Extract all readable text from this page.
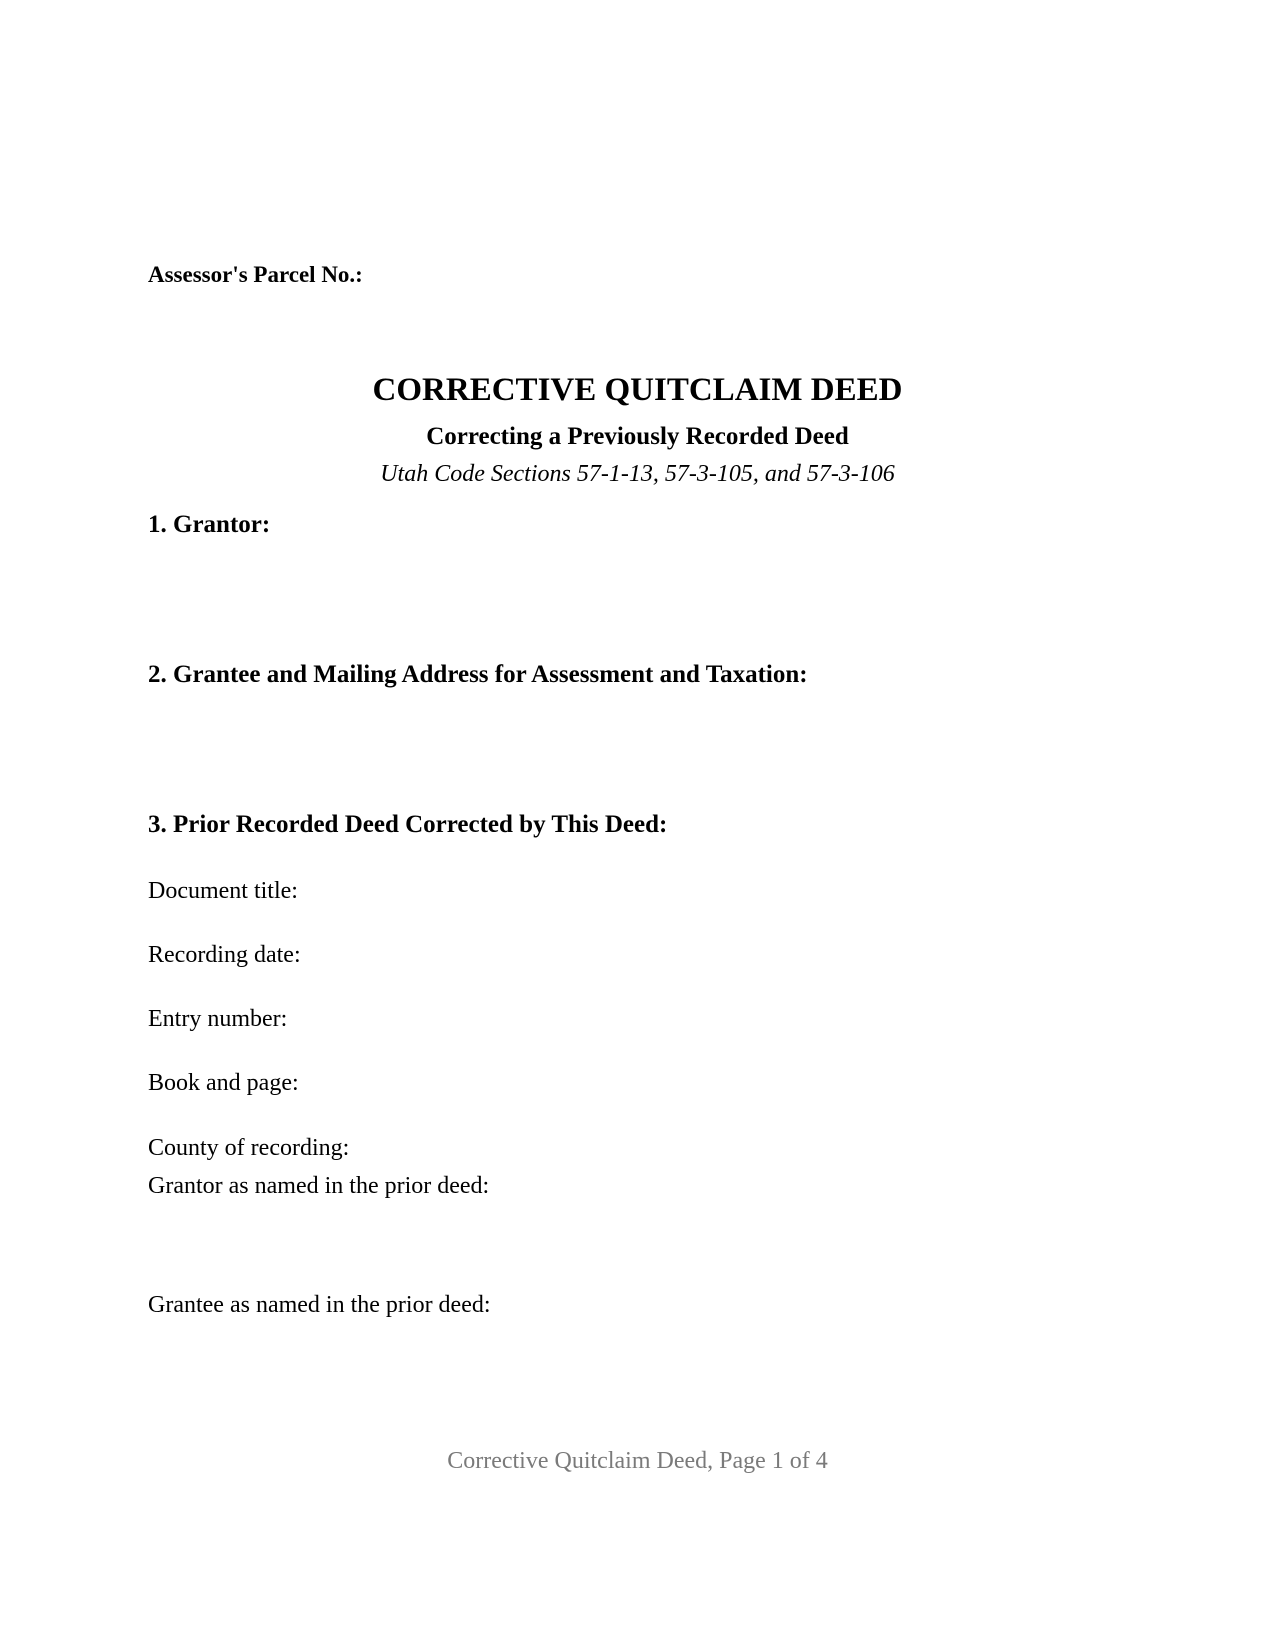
Assessor's Parcel No.:
CORRECTIVE QUITCLAIM DEED
Correcting a Previously Recorded Deed
Utah Code Sections 57-1-13, 57-3-105, and 57-3-106
1. Grantor:
2. Grantee and Mailing Address for Assessment and Taxation:
3. Prior Recorded Deed Corrected by This Deed:
Document title:
Recording date:
Entry number:
Book and page:
County of recording:
Grantor as named in the prior deed:
Grantee as named in the prior deed:
Corrective Quitclaim Deed, Page 1 of 4
